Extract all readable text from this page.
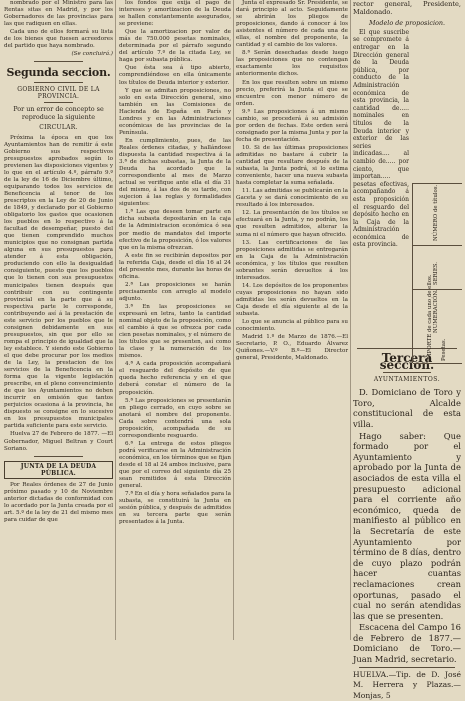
nombrado por el Ministro para las Rentas sitas en Madrid, y por los Gobernadores de las provincias para las que radiquen en ellas.

Cada uno de ellos formará su lista de los bienes que fuesen acreedores del partido que haya nombrado.

(Se concluirá.)

Segunda seccion.
GOBIERNO CIVIL DE LA PROVINCIA.

Por un error de concepto se reproduce la siguiente

CIRCULAR.

Próxima la época en que los Ayuntamientos han de remitir á este Gobierno sus respectivos presupuestos aprobados según lo previenen las disposiciones vigentes y lo que en el artículo 4.º, párrafo 9.º de la ley de 16 de Diciembre último, equiparando todos los servicios de Beneficencia al tenor de los prescriptos en la Ley de 20 de Junio de 1849, y declarado por el Gobierno obligatorio los gastos que ocasionen los pueblos en lo respectivo á la facultad de desempeñar, puesto del que tienen comprendido muchos municipios que no consignan partida alguna en sus presupuestos para atender á esta obligación, produciendo con ello la desigualdad consiguiente, puesto que los pueblos que lo tienen con sus presupuestos municipales tienen después que contribuir con su contingente provincial en la parte que á su respectiva parte le corresponde, contribuyendo así á la prestación de este servicio por los pueblos que le consignen debidamente en sus presupuestos, sin que por ello se rompa el principio de igualdad que la ley establece. Y siendo este Gobierno el que debe procurar por los medios de la Ley, la prestacion de los servicios de la Beneficencia en la forma que la vigente legislación prescribe, en el pleno convencimiento de que los Ayuntamientos no deben incurrir en omisión que tantos perjuicios ocasiona á la provincia, he dispuesto se consigne en lo sucesivo en los presupuestos municipales partida suficiente para este servicio.

Huelva 27 de Febrero de 1877. —El Gobernador, Miguel Beltran y Court Soriano.

JUNTA DE LA DEUDA PÚBLICA.

Por Reales órdenes de 27 de Junio próximo pasado y 10 de Noviembre anterior dictadas de conformidad con lo acordado por la Junta creada por el art. 5.º de la ley de 21 del mismo mes para cuidar de que

los fondos que exija el pago de intereses y amortizacion de la Deuda se hallen constantemente asegurados, se previene:

Que la amortizacion por valor de más de 750.000 pesetas nominales, determinada por el párrafo segundo del artículo 7.º de la citada Ley, se haga por subasta pública.

Que ésta sea á tipo abierto, comprendiéndose en ella únicamente los títulos de Deuda interior y exterior.

Y que se admitan proposiciones, no solo en esta Dirección general, sino también en las Comisiones de Hacienda de España en París y Londres y en las Administraciones económicas de las provincias de la Península.

En cumplimiento, pues, de las Reales órdenes citadas, y hallándose dispuesta la cantidad respectiva á la 3.ª de dichas subastas, la Junta de la Deuda ha acordado que la correspondiente al mes de Marzo actual se verifique ante ella el día 31 del mismo, á las dos de su tarde, con sujecion á las reglas y formalidades siguientes:

1.ª Las que deseen tomar parte en dicha subasta depositarán en la caja de la Administracion económica ó sea por medio de mandatos del importe efectivo de la proposición, ó los valores que en la misma ofrezcan.

A este fin se recibirán depositos por la referida Caja, desde el día 16 al 24 del presente mes, durante las horas de oficina.

2.ª Las proposiciones se harán precisamente con arreglo al modelo adjunto.

3.ª En las proposiciones se expresará en letra, tanto la cantidad nominal objeto de la proposición, como el cambio á que se ofrezca por cada cien pesetas nominales, y el número de los títulos que se presenten, así como la clase y la numeración de los mismos.

4.ª A cada proposición acompañará el resguardo del depósito de que queda hecho referencia y en el que deberá constar el número de la proposición.

5.ª Las proposiciones se presentarán en pliego cerrado, en cuyo sobre se anotará el nombre del proponente. Cada sobre contendrá una sola proposición, acompañada de su correspondiente resguardo.

6.ª La entrega de estos pliegos podrá verificarse en la Administración económica, en los términos que se fijan desde el 18 al 24 ambos inclusive, para que por el correo del siguiente día 25 sean remitidos á esta Dirección general.

7.ª En el día y hora señalados para la subasta, se constituirá la Junta en sesión pública, y después de admitidos en su tercera parte que serán presentados á la Junta.

Junta el expresado Sr. Presidente, se dará principio al acto. Seguidamente se abrirán los pliegos de proposiciones, dando á conocer á los asistentes el número de cada una de ellas, el nombre del proponente, la cantidad y el cambio de los valores.

8.ª Serán desechadas desde luego las proposiciones que no contengan exactamente los requisitos anteriormente dichos.

En los que resulten sobre un mismo precio, preferirá la Junta el que se encuentre con menor número de orden.

9.ª Las proposiciones á un mismo cambio, se procederá á su admisión por orden de fechas. Este orden será consignado por la misma Junta y por la fecha de presentación.

10. Si de las últimas proposiciones admitidas no bastare á cubrir la cantidad que resultare después de la subasta, la Junta podrá, si lo estima conveniente, hacer una nueva subasta hasta completar la suma señalada.

11. Las admitidas se publicarán en la Gaceta y se dará conocimiento de su resultado á los interesados.

12. La presentación de los títulos se efectuará en la Junta, y no podrán, los que resulten admitidos, alterar la suma ni el número que hayan ofrecido.

13. Las certificaciones de las proposiciones admitidas se entregarán en la Caja de la Administración económica, y los títulos que resulten sobrantes serán devueltos á los interesados.

14. Los depósitos de los proponentes cuyas proposiciones no hayan sido admitidas les serán devueltos en la Caja desde el día siguiente al de la subasta.

Lo que se anuncia al público para su conocimiento.

Madrid 1.º de Marzo de 1876.—El Secretario, P. O., Eduardo Álvarez Quiñones.—V.º B.º—El Director general, Presidente, Maldonado.

rector general, Presidente, Maldonado.

Modelo de proposicion.

El que suscribe se compromete á entregar en la Dirección general de la Deuda pública, por conducto de la Administración económica de esta provincia, la cantidad de..... nominales en títulos de la Deuda interior y exterior de las series indicadas.... al cambio de..... por ciento, que importan..... pesetas efectivas, acompañando á esta proposición el resguardo del depósito hecho en la Caja de la Administración económica de esta provincia.

Tercera seccion.
AYUNTAMIENTOS.

D. Domiciano de Toro y Toro, Alcalde constitucional de esta villa.

Hago saber: Que formado por el Ayuntamiento y aprobado por la Junta de asociados de esta villa el presupuesto adicional para el corriente año económico, queda de manifiesto al público en la Secretaría de este Ayuntamiento por término de 8 días, dentro de cuyo plazo podrán hacer cuantas reclamaciones crean oportunas, pasado el cual no serán atendidas las que se presenten.

Escacena del Campo 16 de Febrero de 1877.—Domiciano de Toro.—Juan Madrid, secretario.

HUELVA.—Tip. de D. José M. Herrera y Plazas.—Monjas, 5

NÚMERO de títulos.
SERIES.
NUMERACIÓN.
IMPORTE de cada uno de ellos. Pesetas.
